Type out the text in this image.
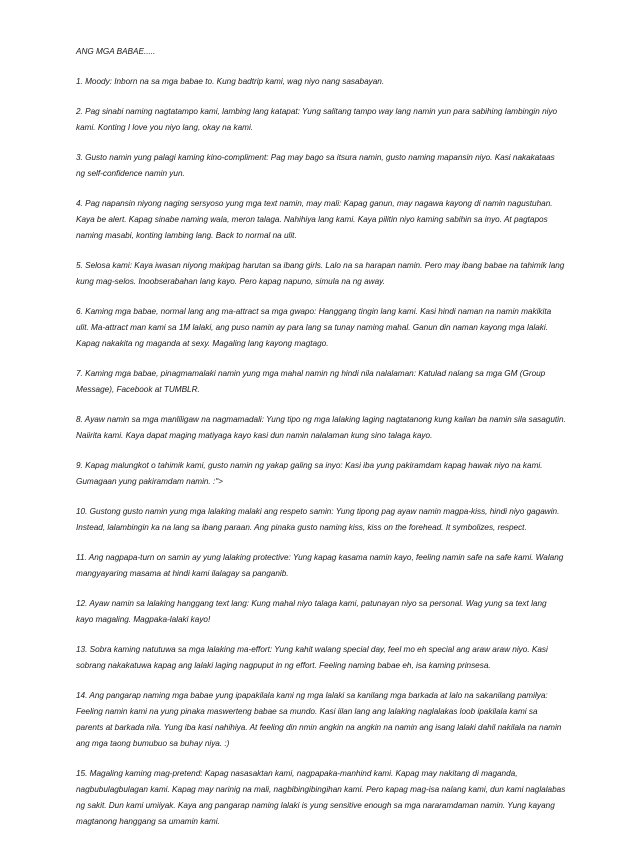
ANG MGA BABAE.....
1. Moody: Inborn na sa mga babae to. Kung badtrip kami, wag niyo nang sasabayan.
2. Pag sinabi naming nagtatampo kami, lambing lang katapat: Yung salitang tampo way lang namin yun para sabihing lambingin niyo kami. Konting I love you niyo lang, okay na kami.
3. Gusto namin yung palagi kaming kino-compliment: Pag may bago sa itsura namin, gusto naming mapansin niyo. Kasi nakakataas ng self-confidence namin yun.
4. Pag napansin niyong naging sersyoso yung mga text namin, may mali: Kapag ganun, may nagawa kayong di namin nagustuhan. Kaya be alert. Kapag sinabe naming wala, meron talaga. Nahihiya lang kami. Kaya pilitin niyo kaming sabihin sa inyo. At pagtapos naming masabi, konting lambing lang. Back to normal na ulit.
5. Selosa kami: Kaya iwasan niyong makipag harutan sa ibang girls. Lalo na sa harapan namin. Pero may ibang babae na tahimik lang kung mag-selos. Inoobserabahan lang kayo. Pero kapag napuno, simula na ng away.
6. Kaming mga babae, normal lang ang ma-attract sa mga gwapo: Hanggang tingin lang kami. Kasi hindi naman na namin makikita ulit. Ma-attract man kami sa 1M lalaki, ang puso namin ay para lang sa tunay naming mahal. Ganun din naman kayong mga lalaki. Kapag nakakita ng maganda at sexy. Magaling lang kayong magtago.
7. Kaming mga babae, pinagmamalaki namin yung mga mahal namin ng hindi nila nalalaman: Katulad nalang sa mga GM (Group Message), Facebook at TUMBLR.
8. Ayaw namin sa mga manliligaw na nagmamadali: Yung tipo ng mga lalaking laging nagtatanong kung kailan ba namin sila sasagutin. Naiirita kami. Kaya dapat maging matiyaga kayo kasi dun namin nalalaman kung sino talaga kayo.
9. Kapag malungkot o tahimik kami, gusto namin ng yakap galing sa inyo: Kasi iba yung pakiramdam kapag hawak niyo na kami. Gumagaan yung pakiramdam namin. :">
10. Gustong gusto namin yung mga lalaking malaki ang respeto samin: Yung tipong pag ayaw namin magpa-kiss, hindi niyo gagawin. Instead, lalambingin ka na lang sa ibang paraan. Ang pinaka gusto naming kiss, kiss on the forehead. It symbolizes, respect.
11. Ang nagpapa-turn on samin ay yung lalaking protective: Yung kapag kasama namin kayo, feeling namin safe na safe kami. Walang mangyayaring masama at hindi kami ilalagay sa panganib.
12. Ayaw namin sa lalaking hanggang text lang: Kung mahal niyo talaga kami, patunayan niyo sa personal. Wag yung sa text lang kayo magaling. Magpaka-lalaki kayo!
13. Sobra kaming natutuwa sa mga lalaking ma-effort: Yung kahit walang special day, feel mo eh special ang araw araw niyo. Kasi sobrang nakakatuwa kapag ang lalaki laging nagpuput in ng effort. Feeling naming babae eh, isa kaming prinsesa.
14. Ang pangarap naming mga babae yung ipapakilala kami ng mga lalaki sa kanilang mga barkada at lalo na sakanilang pamilya: Feeling namin kami na yung pinaka maswerteng babae sa mundo. Kasi iilan lang ang lalaking naglalakas loob ipakilala kami sa parents at barkada nila. Yung iba kasi nahihiya. At feeling din nmin angkin na angkin na namin ang isang lalaki dahil nakilala na namin ang mga taong bumubuo sa buhay niya. :)
15. Magaling kaming mag-pretend: Kapag nasasaktan kami, nagpapaka-manhind kami. Kapag may nakitang di maganda, nagbubulagbulagan kami. Kapag may narinig na mali, nagbibingibingihan kami. Pero kapag mag-isa nalang kami, dun kami naglalabas ng sakit. Dun kami umiiyak. Kaya ang pangarap naming lalaki is yung sensitive enough sa mga nararamdaman namin. Yung kayang magtanong hanggang sa umamin kami.
